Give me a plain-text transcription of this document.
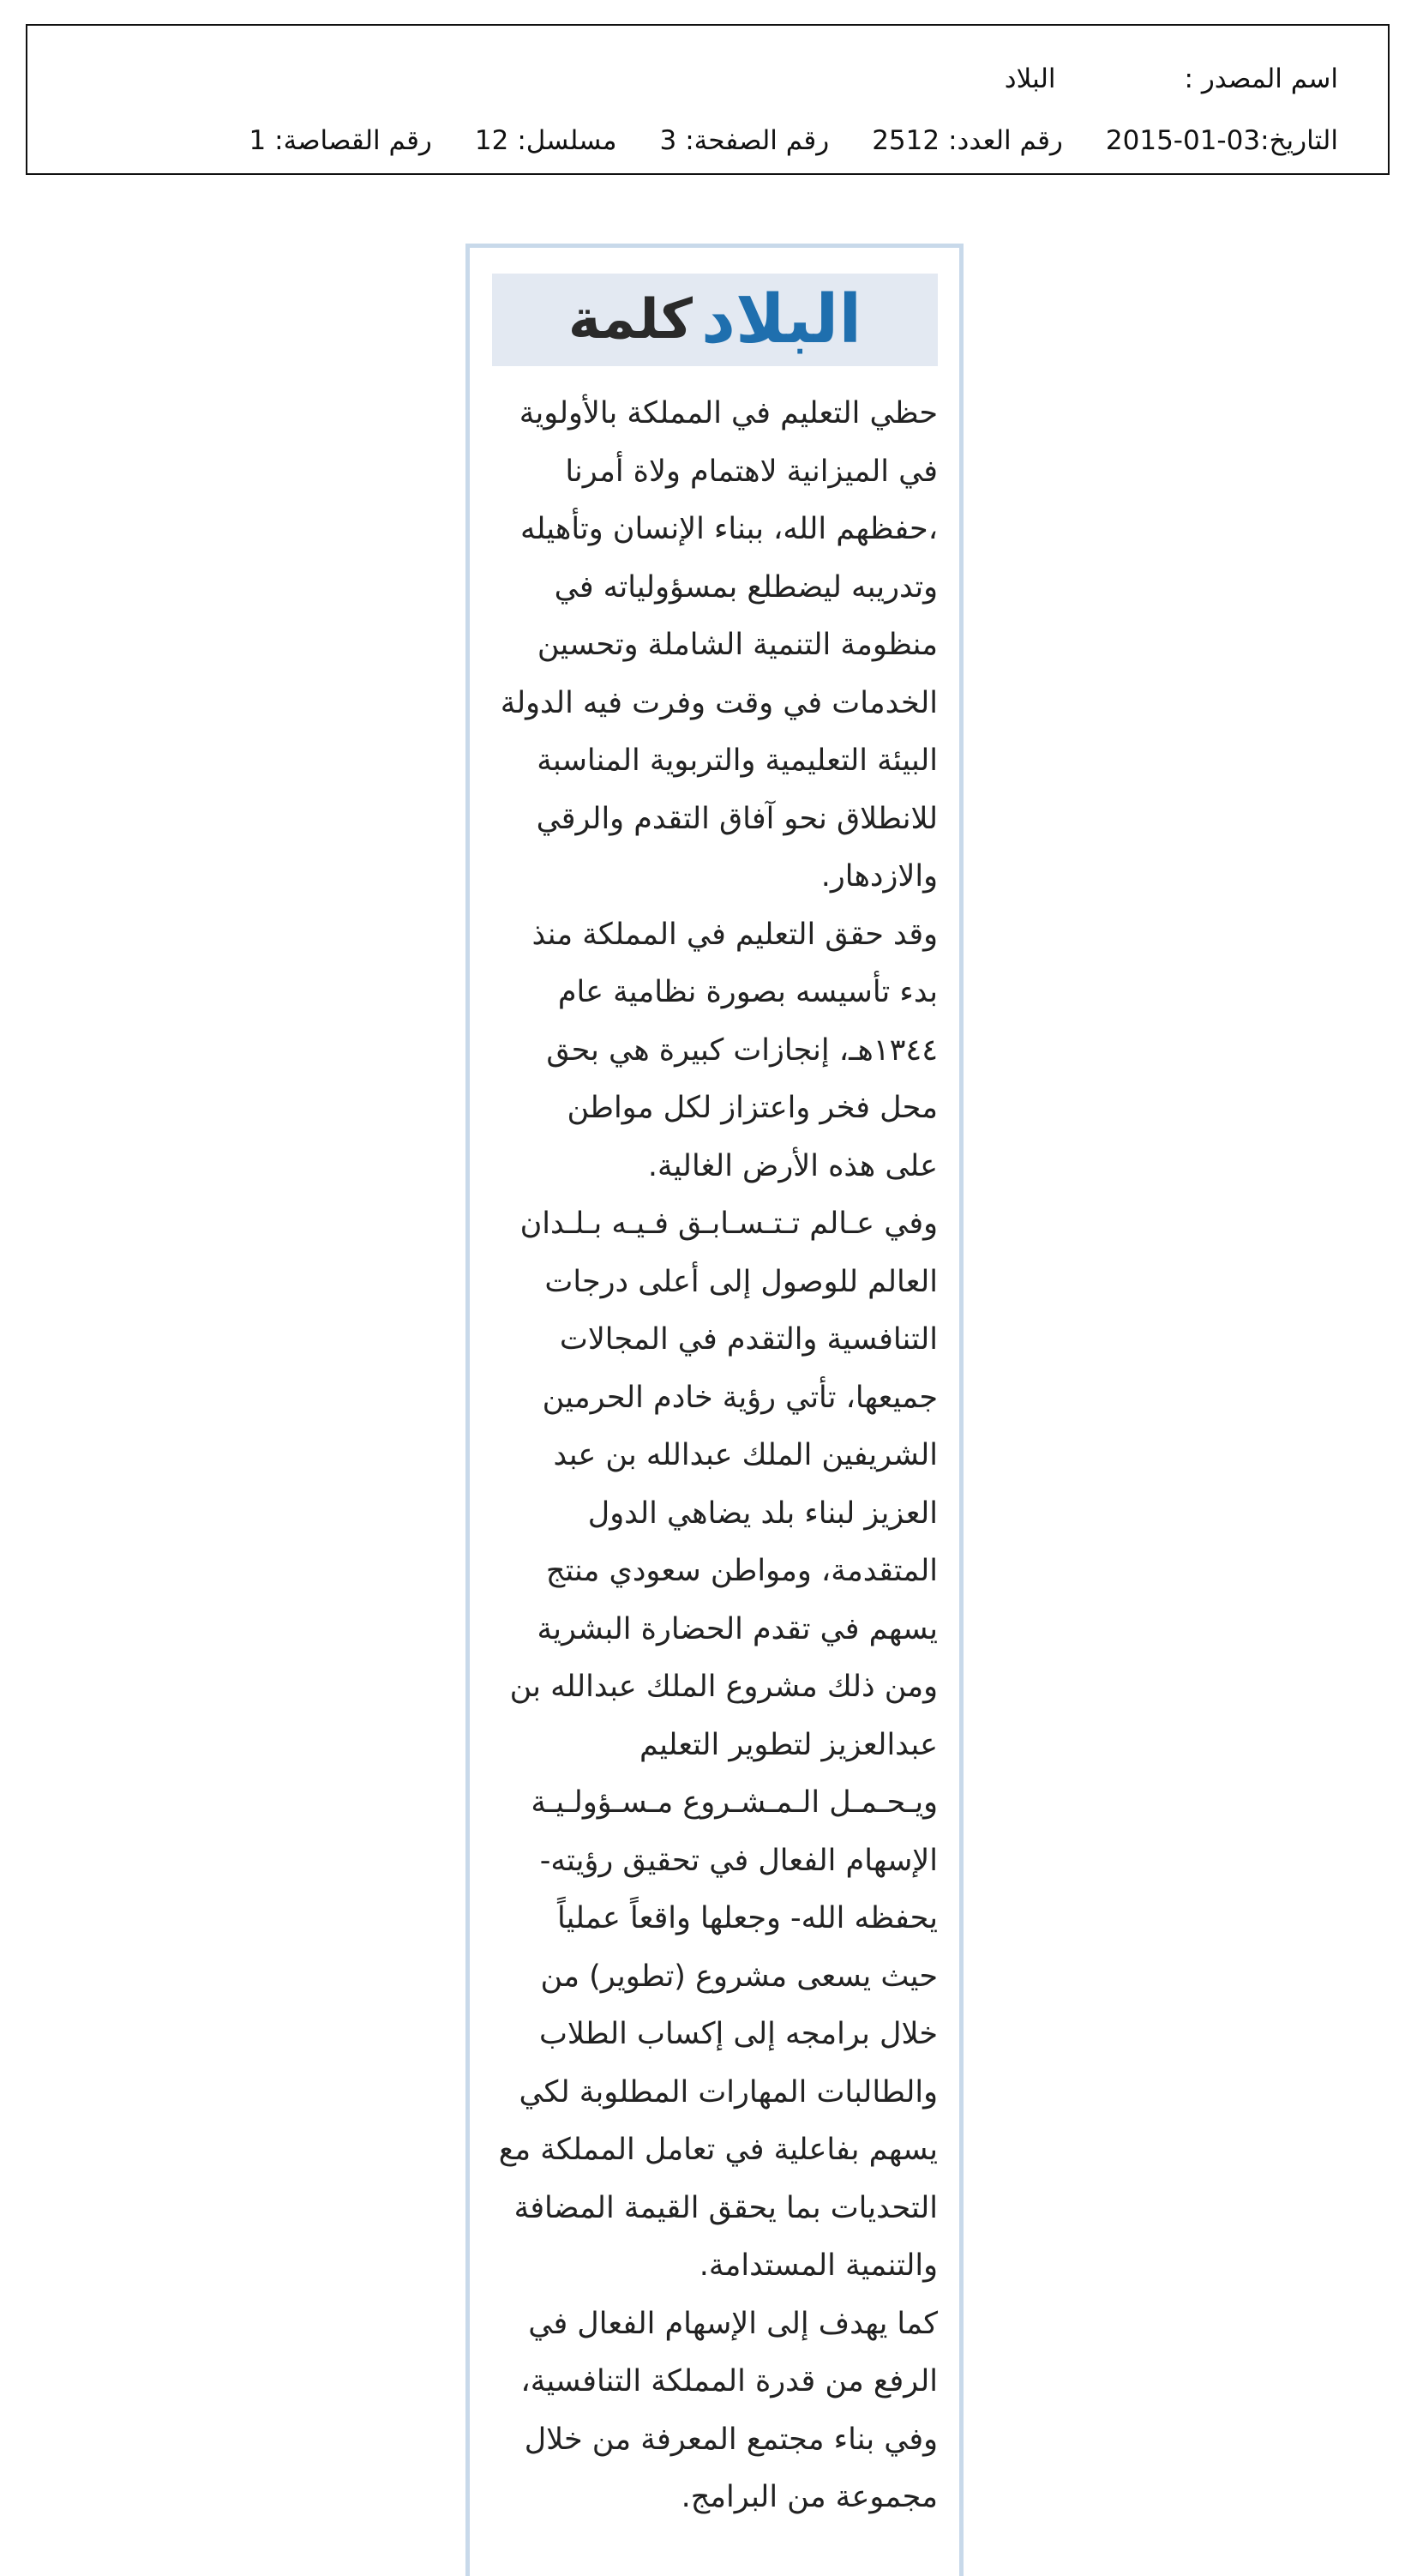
اسم المصدر :
البلاد
التاريخ:
2015-01-03
رقم العدد:
2512
رقم الصفحة:
3
مسلسل:
12
رقم القصاصة:
1
كلمة البلاد
حظي التعليم في المملكة بالأولوية
في الميزانية لاهتمام ولاة أمرنا
،حفظهم الله، ببناء الإنسان وتأهيله
وتدريبه ليضطلع بمسؤولياته في
منظومة التنمية الشاملة وتحسين
الخدمات في وقت وفرت فيه الدولة
البيئة التعليمية والتربوية المناسبة
للانطلاق نحو آفاق التقدم والرقي
والازدهار.
وقد حقق التعليم في المملكة منذ
بدء تأسيسه بصورة نظامية عام
١٣٤٤هـ، إنجازات كبيرة هي بحق
محل فخر واعتزاز لكل مواطن
على هذه الأرض الغالية.
وفي عـالم تـتـسـابـق فـيـه بـلـدان
العالم للوصول إلى أعلى درجات
التنافسية والتقدم في المجالات
جميعها، تأتي رؤية خادم الحرمين
الشريفين الملك عبدالله بن عبد
العزيز لبناء بلد يضاهي الدول
المتقدمة، ومواطن سعودي منتج
يسهم في تقدم الحضارة البشرية
ومن ذلك مشروع الملك عبدالله بن
عبدالعزيز لتطوير التعليم
ويـحـمـل الـمـشـروع مـسـؤولـيـة
الإسهام الفعال في تحقيق رؤيته-
يحفظه الله- وجعلها واقعاً عملياً
حيث يسعى مشروع (تطوير) من
خلال برامجه إلى إكساب الطلاب
والطالبات المهارات المطلوبة لكي
يسهم بفاعلية في تعامل المملكة مع
التحديات بما يحقق القيمة المضافة
والتنمية المستدامة.
كما يهدف إلى الإسهام الفعال في
الرفع من قدرة المملكة التنافسية،
وفي بناء مجتمع المعرفة من خلال
مجموعة من البرامج.
